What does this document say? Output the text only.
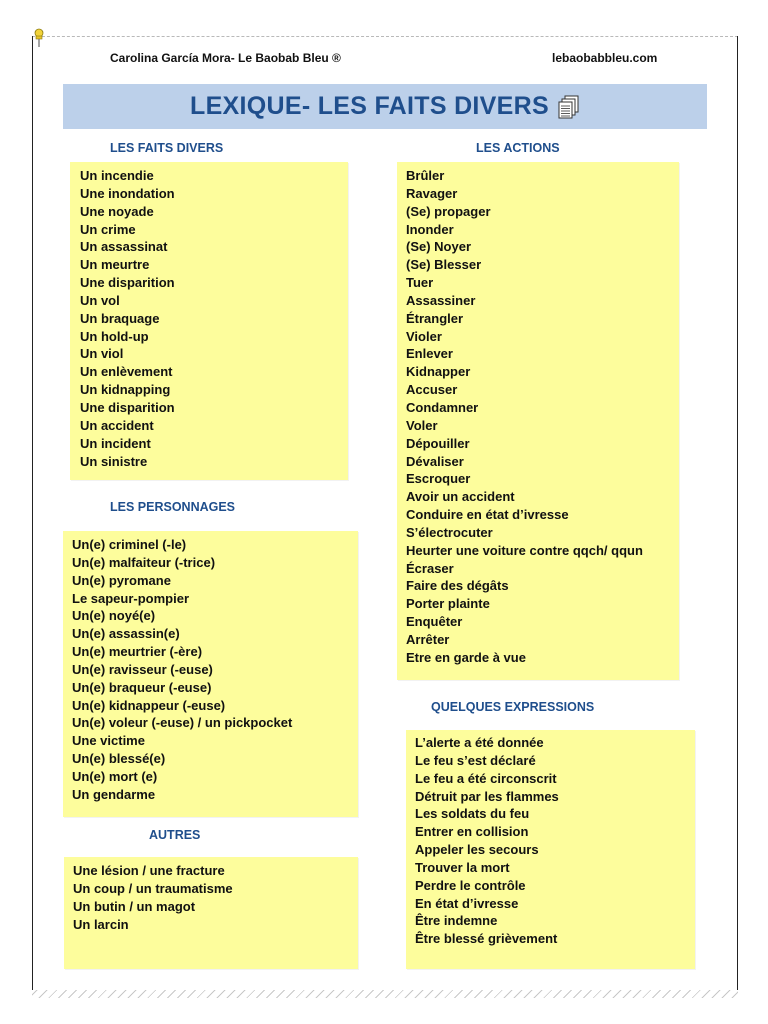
Carolina García Mora- Le Baobab Bleu ®	lebaobabbleu.com
LEXIQUE- LES FAITS DIVERS
LES FAITS DIVERS
Un incendie
Une inondation
Une noyade
Un crime
Un assassinat
Un meurtre
Une disparition
Un vol
Un braquage
Un hold-up
Un viol
Un enlèvement
Un kidnapping
Une disparition
Un accident
Un incident
Un sinistre
LES PERSONNAGES
Un(e) criminel (-le)
Un(e) malfaiteur (-trice)
Un(e) pyromane
Le sapeur-pompier
Un(e) noyé(e)
Un(e) assassin(e)
Un(e) meurtrier (-ère)
Un(e) ravisseur (-euse)
Un(e) braqueur (-euse)
Un(e) kidnappeur (-euse)
Un(e) voleur (-euse) / un pickpocket
Une victime
Un(e) blessé(e)
Un(e) mort (e)
Un gendarme
AUTRES
Une lésion / une fracture
Un coup / un traumatisme
Un butin / un magot
Un larcin
LES ACTIONS
Brûler
Ravager
(Se) propager
Inonder
(Se) Noyer
(Se) Blesser
Tuer
Assassiner
Étrangler
Violer
Enlever
Kidnapper
Accuser
Condamner
Voler
Dépouiller
Dévaliser
Escroquer
Avoir un accident
Conduire en état d’ivresse
S’électrocuter
Heurter une voiture contre qqch/ qqun
Écraser
Faire des dégâts
Porter plainte
Enquêter
Arrêter
Etre en garde à vue
QUELQUES EXPRESSIONS
L’alerte a été donnée
Le feu s’est déclaré
Le feu a été circonscrit
Détruit par les flammes
Les soldats du feu
Entrer en collision
Appeler les secours
Trouver la mort
Perdre le contrôle
En état d’ivresse
Être indemne
Être blessé grièvement
